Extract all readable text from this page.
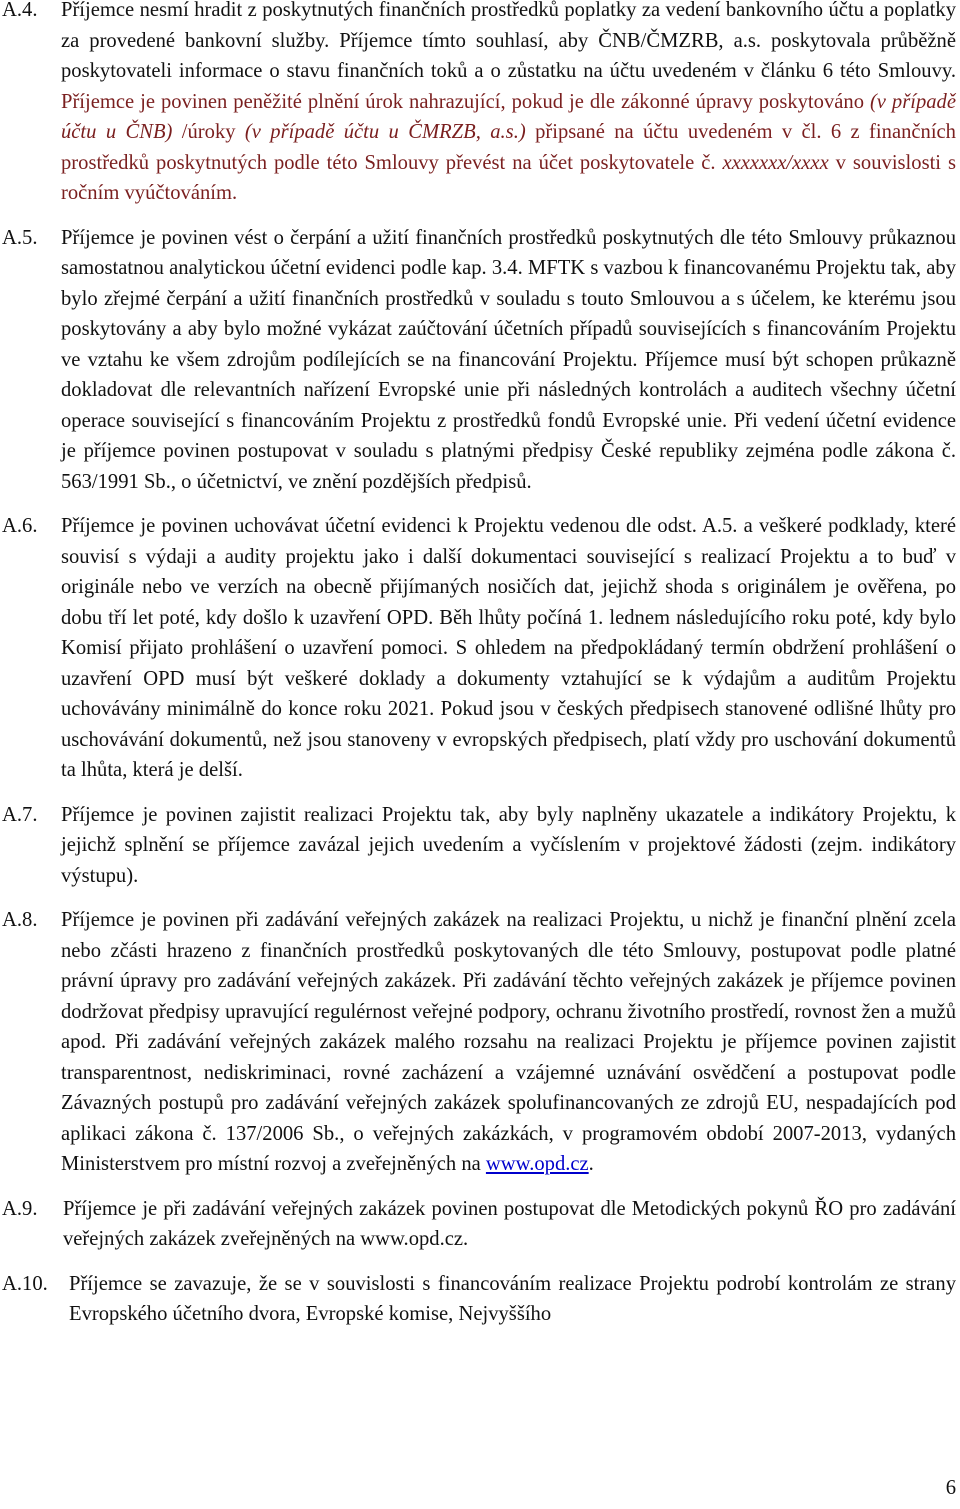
A.4.	Příjemce nesmí hradit z poskytnutých finančních prostředků poplatky za vedení bankovního účtu a poplatky za provedené bankovní služby. Příjemce tímto souhlasí, aby ČNB/ČMZRB, a.s. poskytovala průběžně poskytovateli informace o stavu finančních toků a o zůstatku na účtu uvedeném v článku 6 této Smlouvy. Příjemce je povinen peněžité plnění úrok nahrazující, pokud je dle zákonné úpravy poskytováno (v případě účtu u ČNB) /úroky (v případě účtu u ČMRZB, a.s.) připsané na účtu uvedeném v čl. 6 z finančních prostředků poskytnutých podle této Smlouvy převést na účet poskytovatele č. xxxxxxx/xxxx v souvislosti s ročním vyúčtováním.
A.5.	Příjemce je povinen vést o čerpání a užití finančních prostředků poskytnutých dle této Smlouvy průkaznou samostatnou analytickou účetní evidenci podle kap. 3.4. MFTK s vazbou k financovanému Projektu tak, aby bylo zřejmé čerpání a užití finančních prostředků v souladu s touto Smlouvou a s účelem, ke kterému jsou poskytovány a aby bylo možné vykázat zaúčtování účetních případů souvisejících s financováním Projektu ve vztahu ke všem zdrojům podílejících se na financování Projektu. Příjemce musí být schopen průkazně dokladovat dle relevantních nařízení Evropské unie při následných kontrolách a auditech všechny účetní operace související s financováním Projektu z prostředků fondů Evropské unie. Při vedení účetní evidence je příjemce povinen postupovat v souladu s platnými předpisy České republiky zejména podle zákona č. 563/1991 Sb., o účetnictví, ve znění pozdějších předpisů.
A.6.	Příjemce je povinen uchovávat účetní evidenci k Projektu vedenou dle odst. A.5. a veškeré podklady, které souvisí s výdaji a audity projektu jako i další dokumentaci související s realizací Projektu a to buď v originále nebo ve verzích na obecně přijímaných nosičích dat, jejichž shoda s originálem je ověřena, po dobu tří let poté, kdy došlo k uzavření OPD. Běh lhůty počíná 1. lednem následujícího roku poté, kdy bylo Komisí přijato prohlášení o uzavření pomoci. S ohledem na předpokládaný termín obdržení prohlášení o uzavření OPD musí být veškeré doklady a dokumenty vztahující se k výdajům a auditům Projektu uchovávány minimálně do konce roku 2021. Pokud jsou v českých předpisech stanovené odlišné lhůty pro uschovávání dokumentů, než jsou stanoveny v evropských předpisech, platí vždy pro uschování dokumentů ta lhůta, která je delší.
A.7.	Příjemce je povinen zajistit realizaci Projektu tak, aby byly naplněny ukazatele a indikátory Projektu, k jejichž splnění se příjemce zavázal jejich uvedením a vyčíslením v projektové žádosti (zejm. indikátory výstupu).
A.8.	Příjemce je povinen při zadávání veřejných zakázek na realizaci Projektu, u nichž je finanční plnění zcela nebo zčásti hrazeno z finančních prostředků poskytovaných dle této Smlouvy, postupovat podle platné právní úpravy pro zadávání veřejných zakázek. Při zadávání těchto veřejných zakázek je příjemce povinen dodržovat předpisy upravující regulérnost veřejné podpory, ochranu životního prostředí, rovnost žen a mužů apod. Při zadávání veřejných zakázek malého rozsahu na realizaci Projektu je příjemce povinen zajistit transparentnost, nediskriminaci, rovné zacházení a vzájemné uznávání osvědčení a postupovat podle Závazných postupů pro zadávání veřejných zakázek spolufinancovaných ze zdrojů EU, nespadajících pod aplikaci zákona č. 137/2006 Sb., o veřejných zakázkách, v programovém období 2007-2013, vydaných Ministerstvem pro místní rozvoj a zveřejněných na www.opd.cz.
A.9.	Příjemce je při zadávání veřejných zakázek povinen postupovat dle Metodických pokynů ŘO pro zadávání veřejných zakázek zveřejněných na www.opd.cz.
A.10.	Příjemce se zavazuje, že se v souvislosti s financováním realizace Projektu podrobí kontrolám ze strany Evropského účetního dvora, Evropské komise, Nejvyššího
6
